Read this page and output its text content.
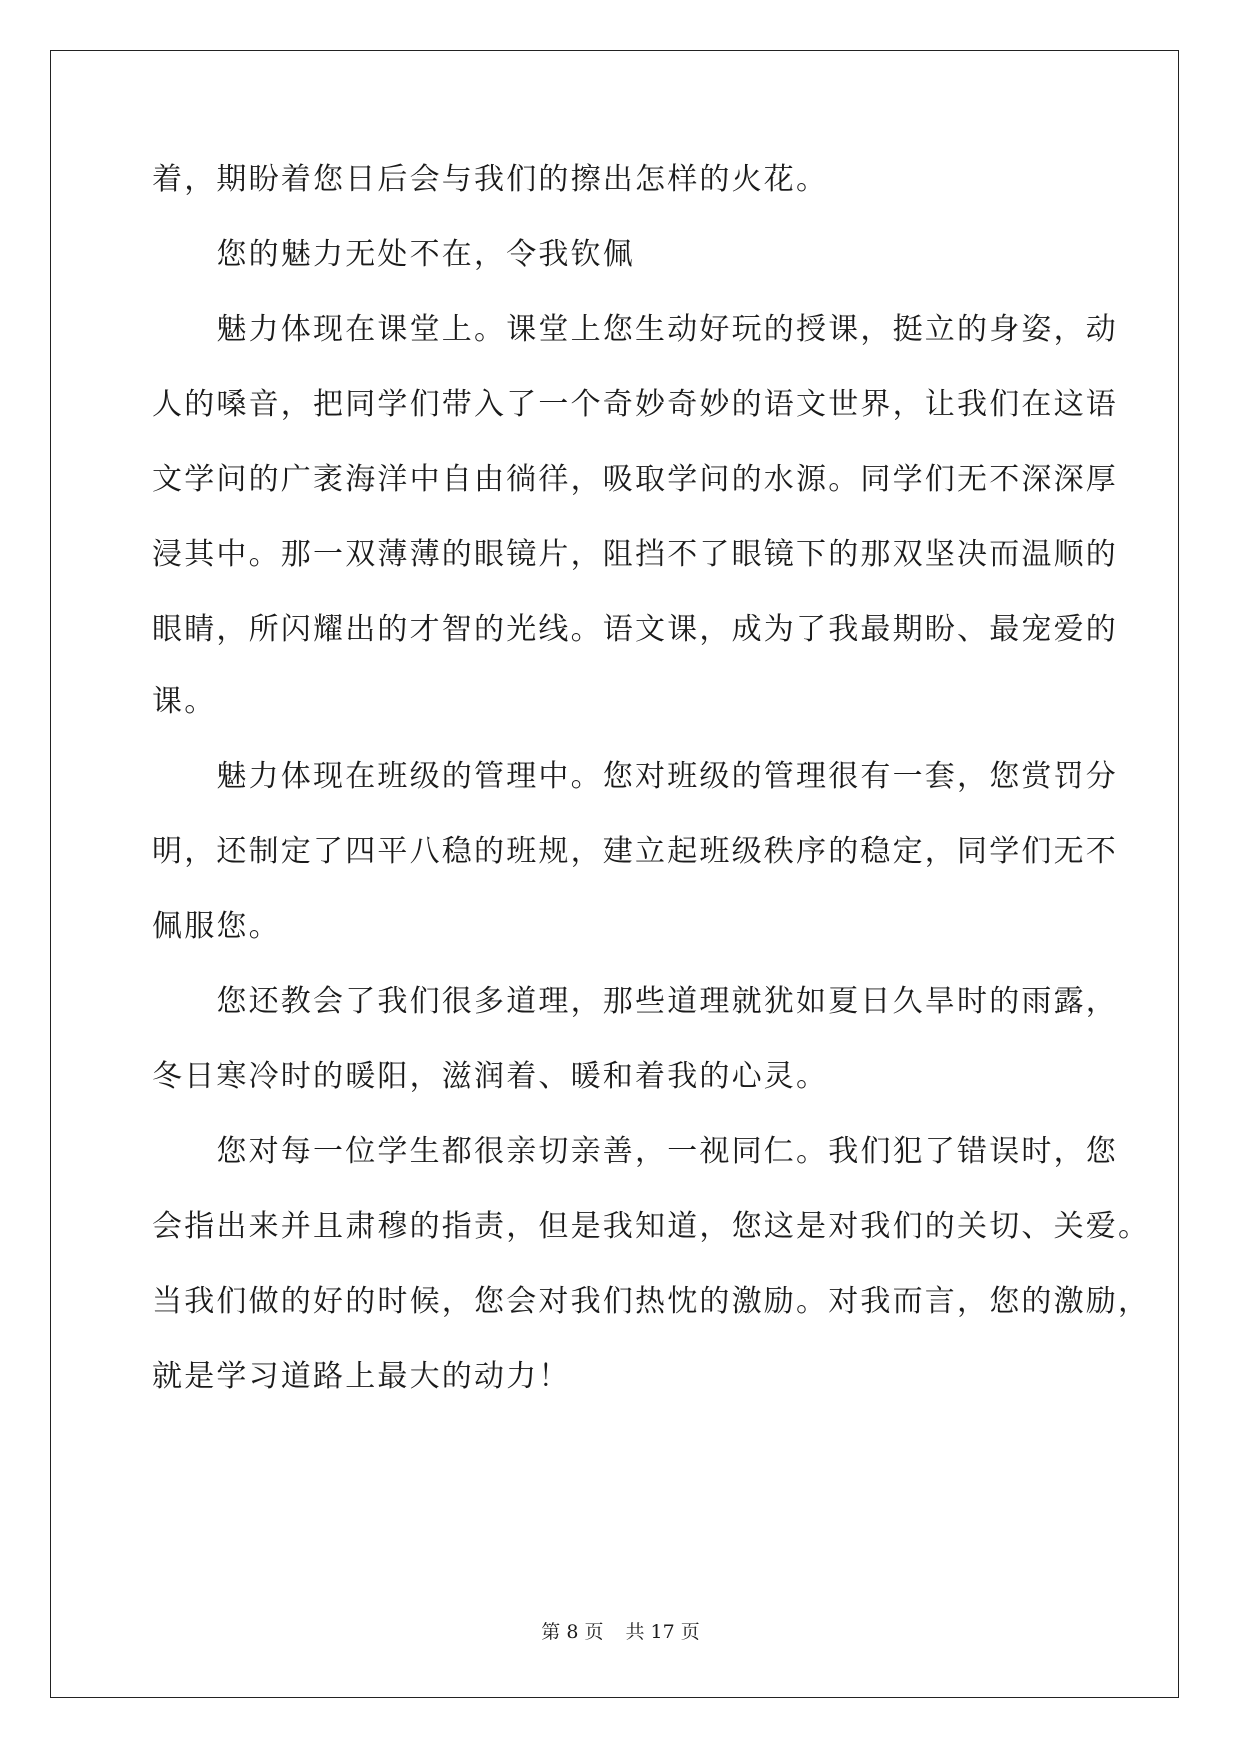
着，期盼着您日后会与我们的擦出怎样的火花。
　　您的魅力无处不在，令我钦佩
　　魅力体现在课堂上。课堂上您生动好玩的授课，挺立的身姿，动
人的嗓音，把同学们带入了一个奇妙奇妙的语文世界，让我们在这语
文学问的广袤海洋中自由徜徉，吸取学问的水源。同学们无不深深厚
浸其中。那一双薄薄的眼镜片，阻挡不了眼镜下的那双坚决而温顺的
眼睛，所闪耀出的才智的光线。语文课，成为了我最期盼、最宠爱的
课。
　　魅力体现在班级的管理中。您对班级的管理很有一套，您赏罚分
明，还制定了四平八稳的班规，建立起班级秩序的稳定，同学们无不
佩服您。
　　您还教会了我们很多道理，那些道理就犹如夏日久旱时的雨露，
冬日寒冷时的暖阳，滋润着、暖和着我的心灵。
　　您对每一位学生都很亲切亲善，一视同仁。我们犯了错误时，您
会指出来并且肃穆的指责，但是我知道，您这是对我们的关切、关爱。
当我们做的好的时候，您会对我们热忱的激励。对我而言，您的激励，
就是学习道路上最大的动力！
第 8 页 共 17 页
